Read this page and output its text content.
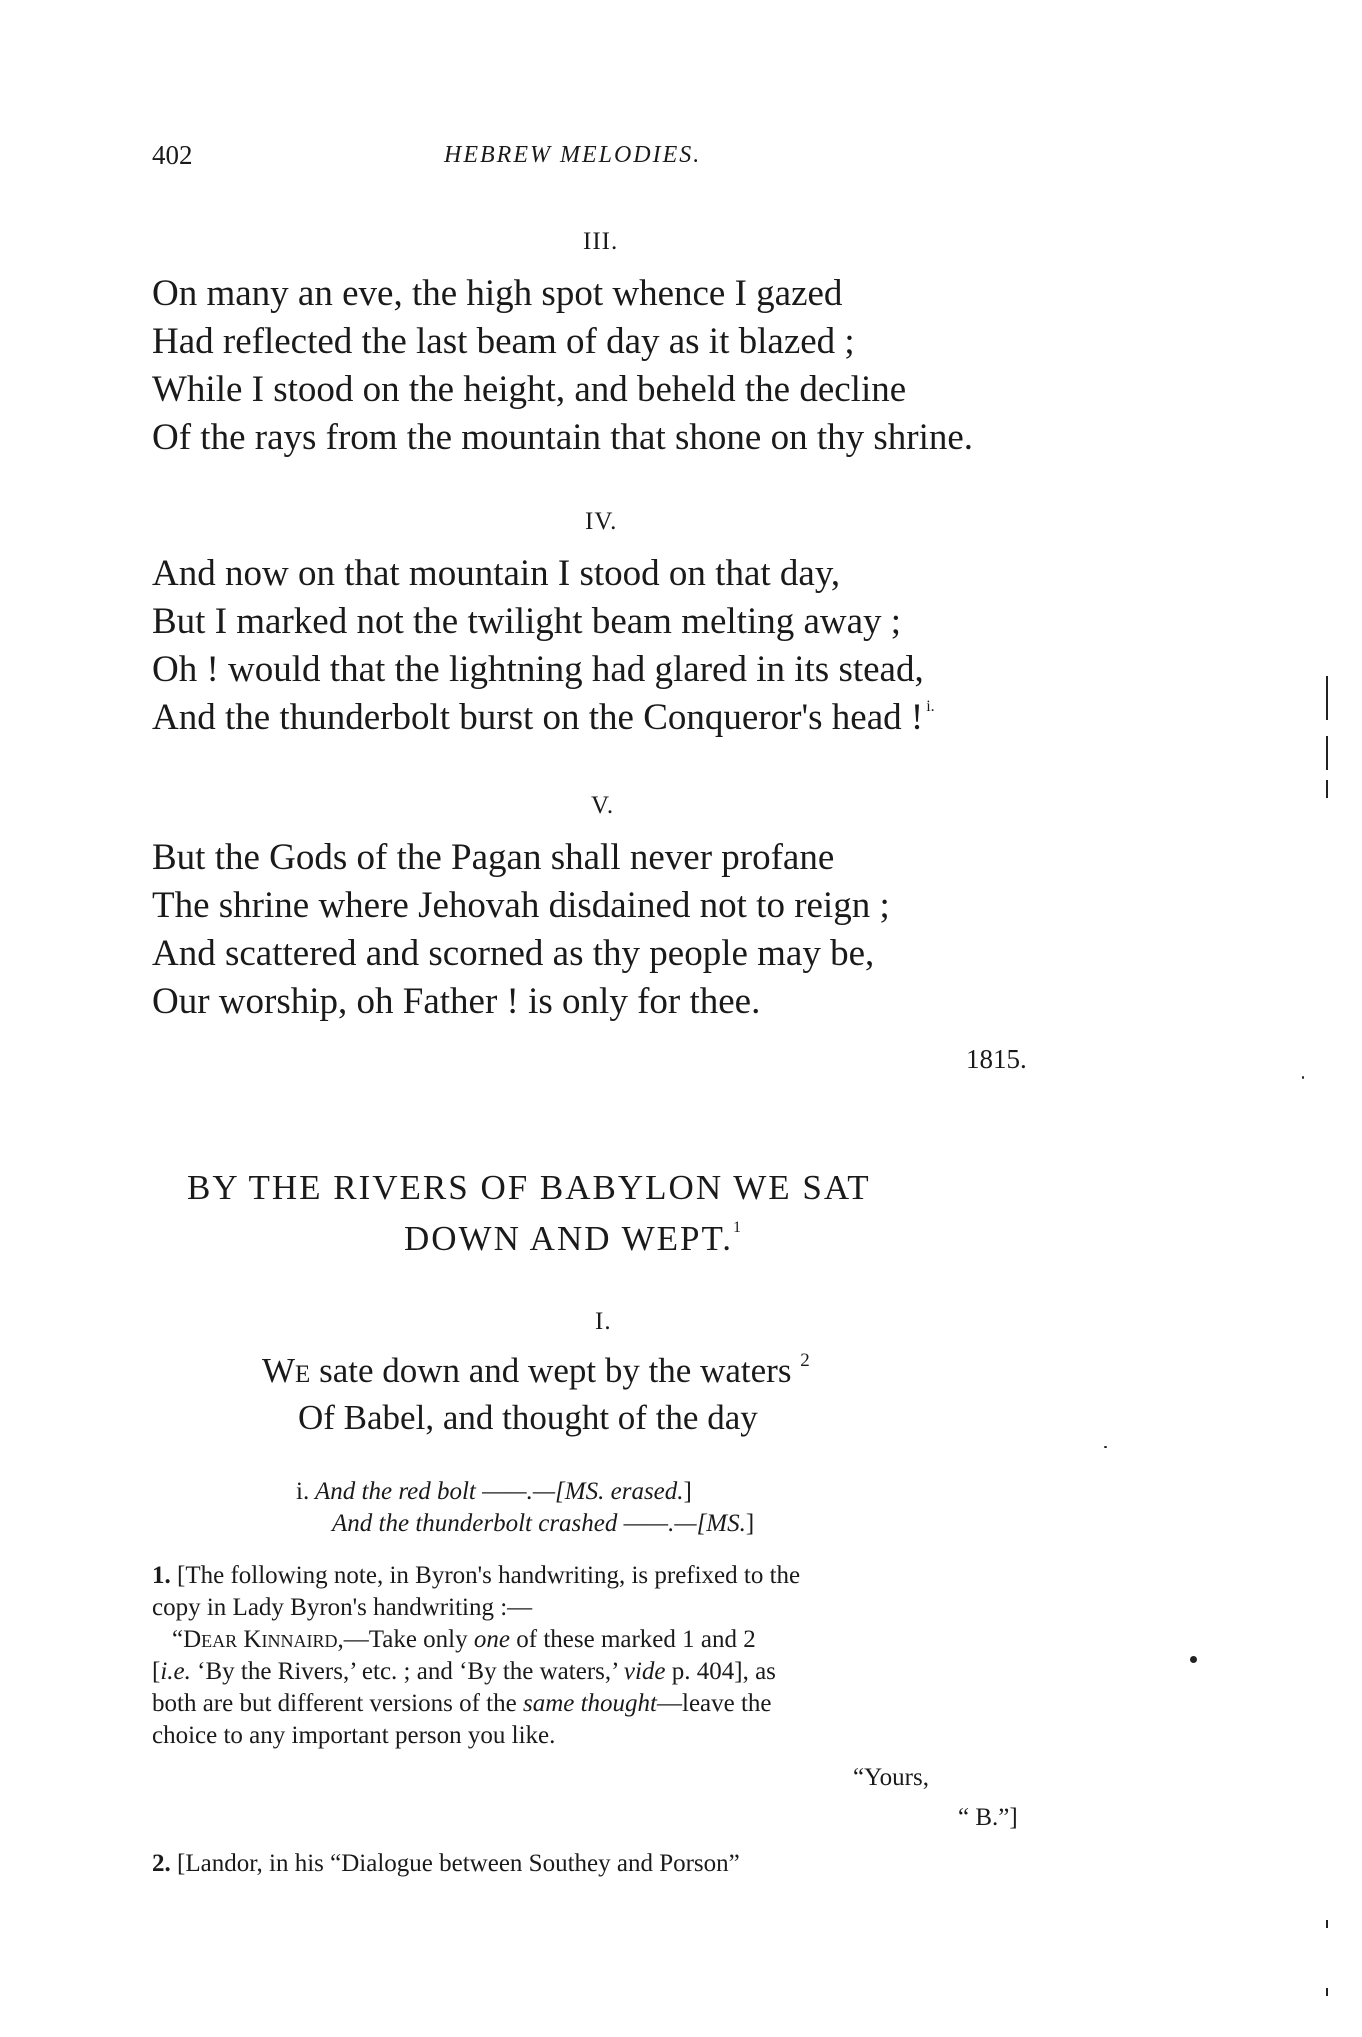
402	HEBREW MELODIES.
III.
On many an eve, the high spot whence I gazed
Had reflected the last beam of day as it blazed ;
While I stood on the height, and beheld the decline
Of the rays from the mountain that shone on thy shrine.
IV.
And now on that mountain I stood on that day,
But I marked not the twilight beam melting away ;
Oh ! would that the lightning had glared in its stead,
And the thunderbolt burst on the Conqueror's head ! $^{i.}$
V.
But the Gods of the Pagan shall never profane
The shrine where Jehovah disdained not to reign ;
And scattered and scorned as thy people may be,
Our worship, oh Father ! is only for thee.
1815.
BY THE RIVERS OF BABYLON WE SAT
DOWN AND WEPT.$^1$
I.
WE sate down and wept by the waters $^2$
Of Babel, and thought of the day
i. And the red bolt ——.—[MS. erased.]
And the thunderbolt crashed ——.—[MS.]
1. [The following note, in Byron's handwriting, is prefixed to the
copy in Lady Byron's handwriting :—
“Dear Kinnaird,—Take only one of these marked 1 and 2
[i.e. ‘By the Rivers,’ etc. ; and ‘By the waters,’ vide p. 404], as
both are but different versions of the same thought—leave the
choice to any important person you like.
“Yours,
“ B.”]
2. [Landor, in his “Dialogue between Southey and Porson”
